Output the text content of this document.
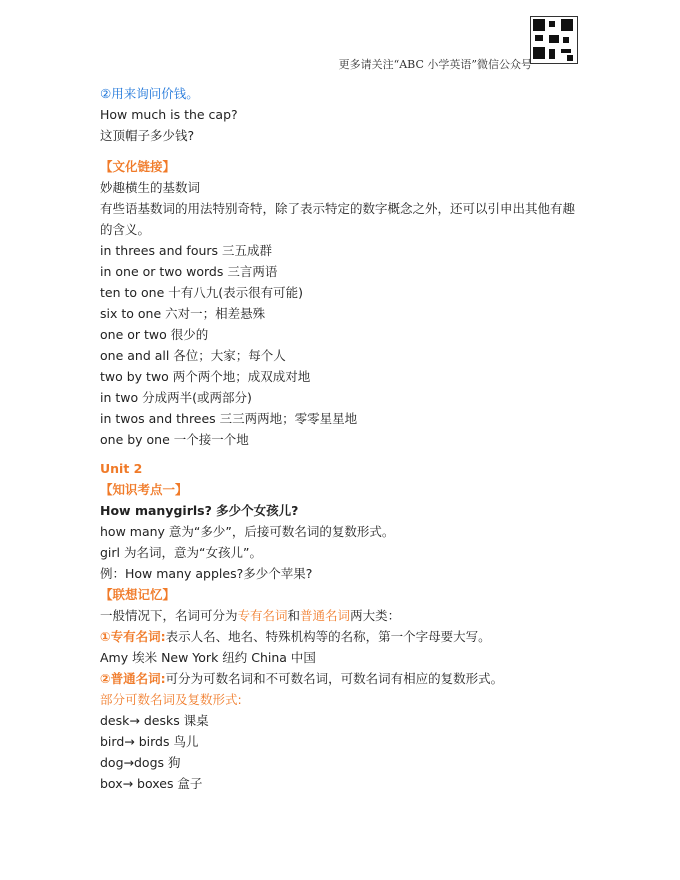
更多请关注“ABC 小学英语”微信公众号
②用来询问价钱。
How much is the cap?
这顶帽子多少钱?
【文化链接】
妙趣横生的基数词
有些语基数词的用法特别奇特，除了表示特定的数字概念之外，还可以引申出其他有趣的含义。
in threes and fours 三五成群
in one or two words 三言两语
ten to one 十有八九(表示很有可能)
six to one 六对一；相差悬殊
one or two 很少的
one and all 各位；大家；每个人
two by two 两个两个地；成双成对地
in two 分成两半(或两部分)
in twos and threes 三三两两地；零零星星地
one by one 一个接一个地
Unit 2
【知识考点一】
How manygirls? 多少个女孩儿?
how many 意为“多少”，后接可数名词的复数形式。
girl 为名词，意为“女孩儿”。
例：How many apples?多少个苹果?
【联想记忆】
一般情况下，名词可分为专有名词和普通名词两大类：
①专有名词:表示人名、地名、特殊机构等的名称，第一个字母要大写。
Amy 埃米 New York 纽约 China 中国
②普通名词:可分为可数名词和不可数名词，可数名词有相应的复数形式。
部分可数名词及复数形式:
desk→ desks 课桌
bird→ birds 鸟儿
dog→dogs 狗
box→ boxes 盒子
